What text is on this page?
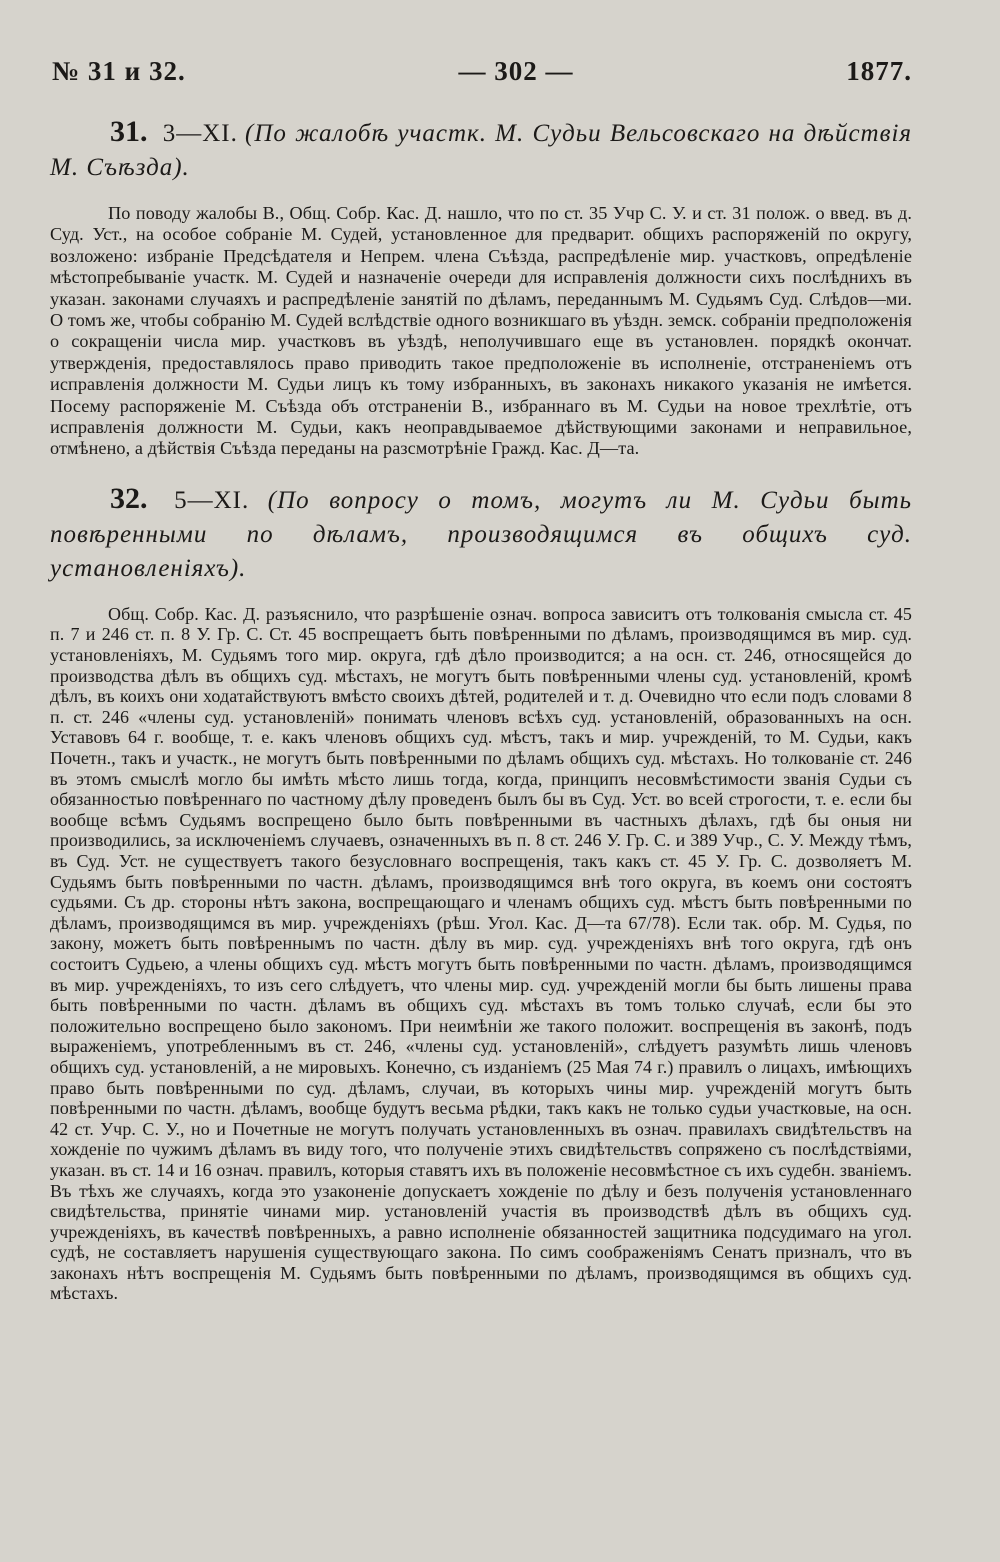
№ 31 и 32.	— 302 —	1877.
31. 3—XI. (По жалобѣ участк. М. Судьи Вельсовскаго на дѣйствія М. Съѣзда).

По поводу жалобы В., Общ. Собр. Кас. Д. нашло, что по ст. 35 Учр С. У. и ст. 31 полож. о введ. въ д. Суд. Уст., на особое собраніе М. Судей, установленное для предварит. общихъ распоряженій по округу, возложено: избраніе Предсѣдателя и Непрем. члена Съѣзда, распредѣленіе мир. участковъ, опредѣленіе мѣстопребываніе участк. М. Судей и назначеніе очереди для исправленія должности сихъ послѣднихъ въ указан. законами случаяхъ и распредѣленіе занятій по дѣламъ, переданнымъ М. Судьямъ Суд. Слѣдов—ми. О томъ же, чтобы собранію М. Судей вслѣдствіе одного возникшаго въ уѣздн. земск. собраніи предположенія о сокращеніи числа мир. участковъ въ уѣздѣ, неполучившаго еще въ установлен. порядкѣ окончат. утвержденія, предоставлялось право приводить такое предположеніе въ исполненіе, отстраненіемъ отъ исправленія должности М. Судьи лицъ къ тому избранныхъ, въ законахъ никакого указанія не имѣется. Посему распоряженіе М. Съѣзда объ отстраненіи В., избраннаго въ М. Судьи на новое трехлѣтіе, отъ исправленія должности М. Судьи, какъ неоправдываемое дѣйствующими законами и неправильное, отмѣнено, а дѣйствія Съѣзда переданы на разсмотрѣніе Гражд. Кас. Д—та.

32. 5—XI. (По вопросу о томъ, могутъ ли М. Судьи быть повѣренными по дѣламъ, производящимся въ общихъ суд. установленіяхъ).

Общ. Собр. Кас. Д. разъяснило, что разрѣшеніе означ. вопроса зависитъ отъ толкованія смысла ст. 45 п. 7 и 246 ст. п. 8 У. Гр. С. Ст. 45 воспрещаетъ быть повѣренными по дѣламъ, производящимся въ мир. суд. установленіяхъ, М. Судьямъ того мир. округа, гдѣ дѣло производится; а на осн. ст. 246, относящейся до производства дѣлъ въ общихъ суд. мѣстахъ, не могутъ быть повѣренными члены суд. установленій, кромѣ дѣлъ, въ коихъ они ходатайствуютъ вмѣсто своихъ дѣтей, родителей и т. д. Очевидно что если подъ словами 8 п. ст. 246 «члены суд. установленій» понимать членовъ всѣхъ суд. установленій, образованныхъ на осн. Уставовъ 64 г. вообще, т. е. какъ членовъ общихъ суд. мѣстъ, такъ и мир. учрежденій, то М. Судьи, какъ Почетн., такъ и участк., не могутъ быть повѣренными по дѣламъ общихъ суд. мѣстахъ. Но толкованіе ст. 246 въ этомъ смыслѣ могло бы имѣть мѣсто лишь тогда, когда, принципъ несовмѣстимости званія Судьи съ обязанностью повѣреннаго по частному дѣлу проведенъ былъ бы въ Суд. Уст. во всей строгости, т. е. если бы вообще всѣмъ Судьямъ воспрещено было быть повѣренными въ частныхъ дѣлахъ, гдѣ бы оныя ни производились, за исключеніемъ случаевъ, означенныхъ въ п. 8 ст. 246 У. Гр. С. и 389 Учр., С. У. Между тѣмъ, въ Суд. Уст. не существуетъ такого безусловнаго воспрещенія, такъ какъ ст. 45 У. Гр. С. дозволяетъ М. Судьямъ быть повѣренными по частн. дѣламъ, производящимся внѣ того округа, въ коемъ они состоятъ судьями. Съ др. стороны нѣтъ закона, воспрещающаго и членамъ общихъ суд. мѣстъ быть повѣренными по дѣламъ, производящимся въ мир. учрежденіяхъ (рѣш. Угол. Кас. Д—та 67/78). Если так. обр. М. Судья, по закону, можетъ быть повѣреннымъ по частн. дѣлу въ мир. суд. учрежденіяхъ внѣ того округа, гдѣ онъ состоитъ Судьею, а члены общихъ суд. мѣстъ могутъ быть повѣренными по частн. дѣламъ, производящимся въ мир. учрежденіяхъ, то изъ сего слѣдуетъ, что члены мир. суд. учрежденій могли бы быть лишены права быть повѣренными по частн. дѣламъ въ общихъ суд. мѣстахъ въ томъ только случаѣ, если бы это положительно воспрещено было закономъ. При неимѣніи же такого положит. воспрещенія въ законѣ, подъ выраженіемъ, употребленнымъ въ ст. 246, «члены суд. установленій», слѣдуетъ разумѣть лишь членовъ общихъ суд. установленій, а не мировыхъ. Конечно, съ изданіемъ (25 Мая 74 г.) правилъ о лицахъ, имѣющихъ право быть повѣренными по суд. дѣламъ, случаи, въ которыхъ чины мир. учрежденій могутъ быть повѣренными по частн. дѣламъ, вообще будутъ весьма рѣдки, такъ какъ не только судьи участковые, на осн. 42 ст. Учр. С. У., но и Почетные не могутъ получать установленныхъ въ означ. правилахъ свидѣтельствъ на хожденіе по чужимъ дѣламъ въ виду того, что полученіе этихъ свидѣтельствъ сопряжено съ послѣдствіями, указан. въ ст. 14 и 16 означ. правилъ, которыя ставятъ ихъ въ положеніе несовмѣстное съ ихъ судебн. званіемъ. Въ тѣхъ же случаяхъ, когда это узаконеніе допускаетъ хожденіе по дѣлу и безъ полученія установленнаго свидѣтельства, принятіе чинами мир. установленій участія въ производствѣ дѣлъ въ общихъ суд. учрежденіяхъ, въ качествѣ повѣренныхъ, а равно исполненіе обязанностей защитника подсудимаго на угол. судѣ, не составляетъ нарушенія существующаго закона. По симъ соображеніямъ Сенатъ призналъ, что въ законахъ нѣтъ воспрещенія М. Судьямъ быть повѣренными по дѣламъ, производящимся въ общихъ суд. мѣстахъ.
